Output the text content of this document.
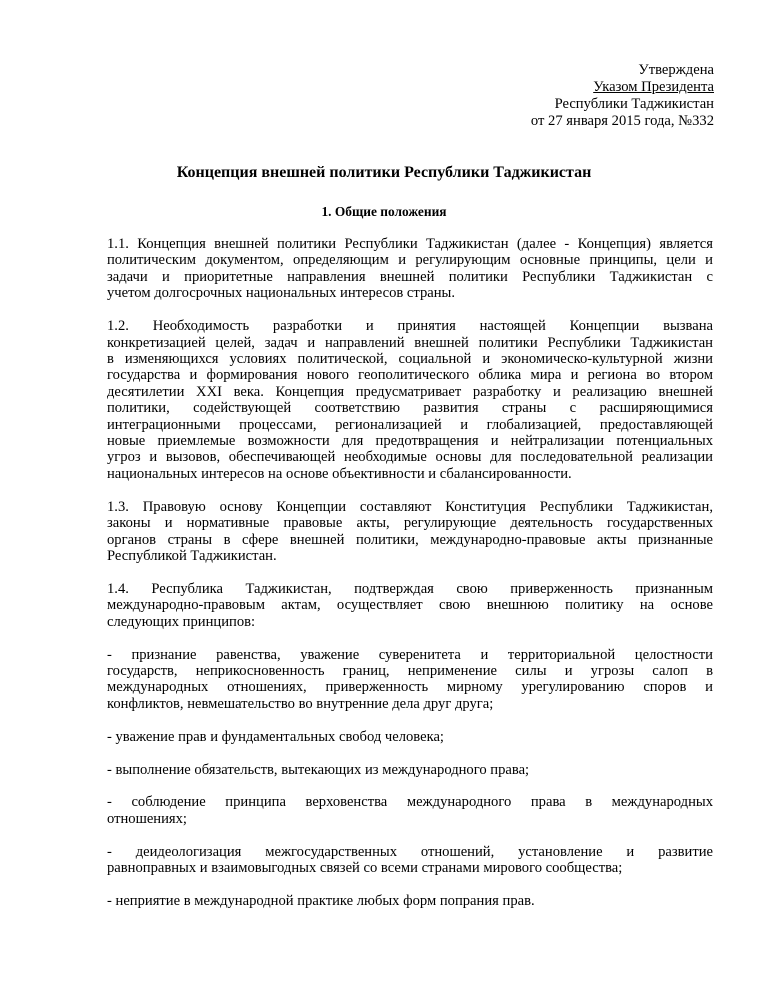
Утверждена
Указом Президента
Республики Таджикистан
от 27 января 2015 года, №332
Концепция внешней политики Республики Таджикистан
1. Общие положения

1.1. Концепция внешней политики Республики Таджикистан (далее - Концепция) является
политическим документом, определяющим и регулирующим основные принципы, цели и
задачи и приоритетные направления внешней политики Республики Таджикистан с
учетом долгосрочных национальных интересов страны.

1.2. Необходимость разработки и принятия настоящей Концепции вызвана
конкретизацией целей, задач и направлений внешней политики Республики Таджикистан
в изменяющихся условиях политической, социальной и экономическо-культурной жизни
государства и формирования нового геополитического облика мира и региона во втором
десятилетии XXI века. Концепция предусматривает разработку и реализацию внешней
политики, содействующей соответствию развития страны с расширяющимися
интеграционными процессами, регионализацией и глобализацией, предоставляющей
новые приемлемые возможности для предотвращения и нейтрализации потенциальных
угроз и вызовов, обеспечивающей необходимые основы для последовательной реализации
национальных интересов на основе объективности и сбалансированности.

1.3. Правовую основу Концепции составляют Конституция Республики Таджикистан,
законы и нормативные правовые акты, регулирующие деятельность государственных
органов страны в сфере внешней политики, международно-правовые акты признанные
Республикой Таджикистан.

1.4. Республика Таджикистан, подтверждая свою приверженность признанным
международно-правовым актам, осуществляет свою внешнюю политику на основе
следующих принципов:

- признание равенства, уважение суверенитета и территориальной целостности
государств, неприкосновенность границ, неприменение силы и угрозы салоп в
международных отношениях, приверженность мирному урегулированию споров и
конфликтов, невмешательство во внутренние дела друг друга;

- уважение прав и фундаментальных свобод человека;

- выполнение обязательств, вытекающих из международного права;

- соблюдение принципа верховенства международного права в международных
отношениях;

- деидеологизация межгосударственных отношений, установление и развитие
равноправных и взаимовыгодных связей со всеми странами мирового сообщества;

- неприятие в международной практике любых форм попрания прав.
